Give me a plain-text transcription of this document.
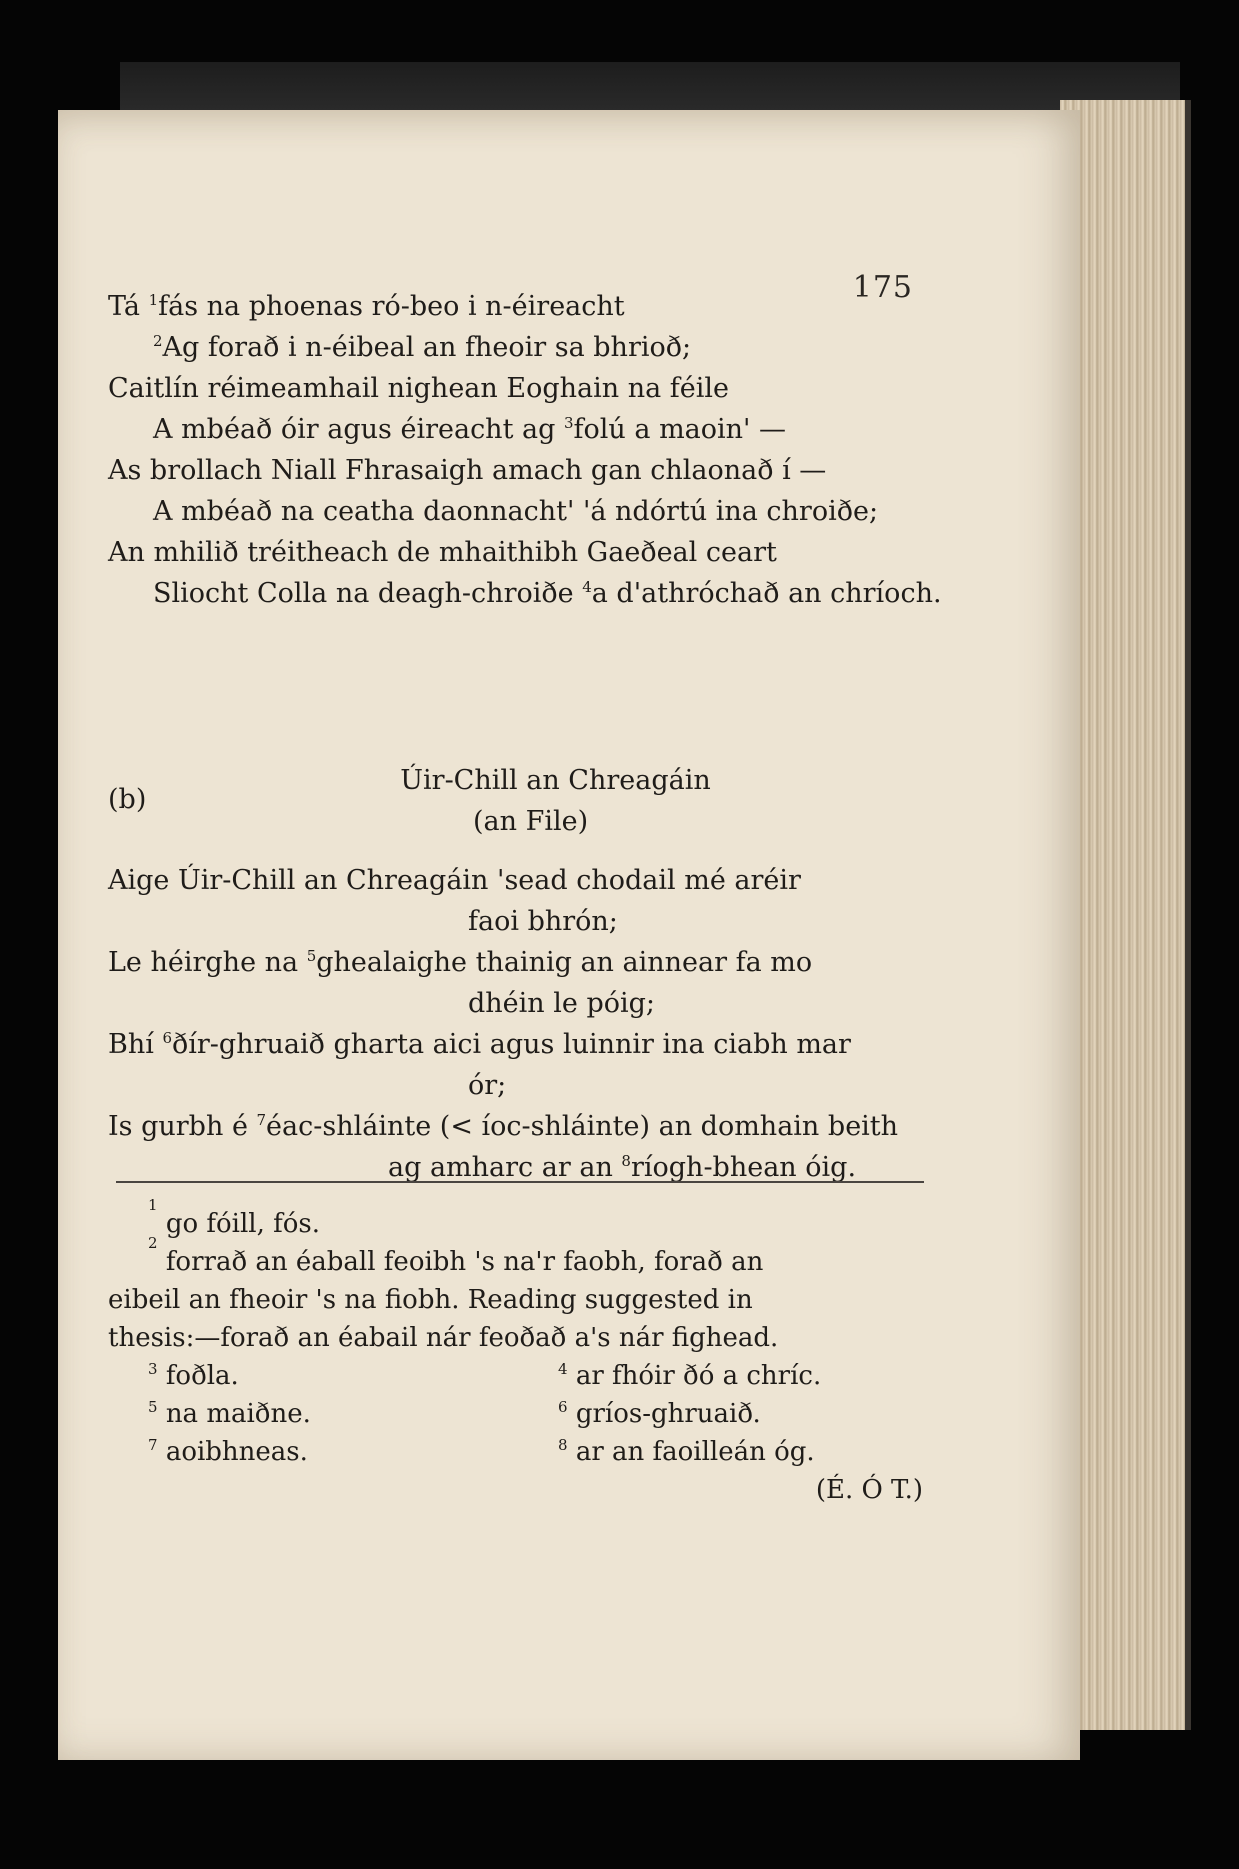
175
Tá $^1$fás na phoenas ró-beo i n-éireacht
$^2$Ag forað i n-éibeal an fheoir sa bhrioð;
Caitlín réimeamhail nighean Eoghain na féile
A mbéað óir agus éireacht ag $^3$folú a maoin' —
As brollach Niall Fhrasaigh amach gan chlaonað í —
A mbéað na ceatha daonnacht' 'á ndórtú ina chroiðe;
An mhilið tréitheach de mhaithibh Gaeðeal ceart
Sliocht Colla na deagh-chroiðe $^4$a d'athróchað an chríoch.
Úir-Chill an Chreagáin
(b)
(an File)
Aige Úir-Chill an Chreagáin 'sead chodail mé aréir
faoi bhrón;
Le héirghe na $^5$ghealaighe thainig an ainnear fa mo
dhéin le póig;
Bhí $^6$ðír-ghruaið gharta aici agus luinnir ina ciabh mar
ór;
Is gurbh é $^7$éac-shláinte (< íoc-shláinte) an domhain beith
ag amharc ar an $^8$ríogh-bhean óig.
1

go fóill, fós.
2

forrað an éaball feoibh 's na'r faobh, forað an
eibeil an fheoir 's na fiobh. Reading suggested in
thesis:—forað an éabail nár feoðað a's nár fighead.
$^3$ foðla.	$^4$ ar fhóir ðó a chríc.
$^5$ na maiðne.	$^6$ gríos-ghruaið.
$^7$ aoibhneas.	$^8$ ar an faoilleán óg.
(É. Ó T.)
